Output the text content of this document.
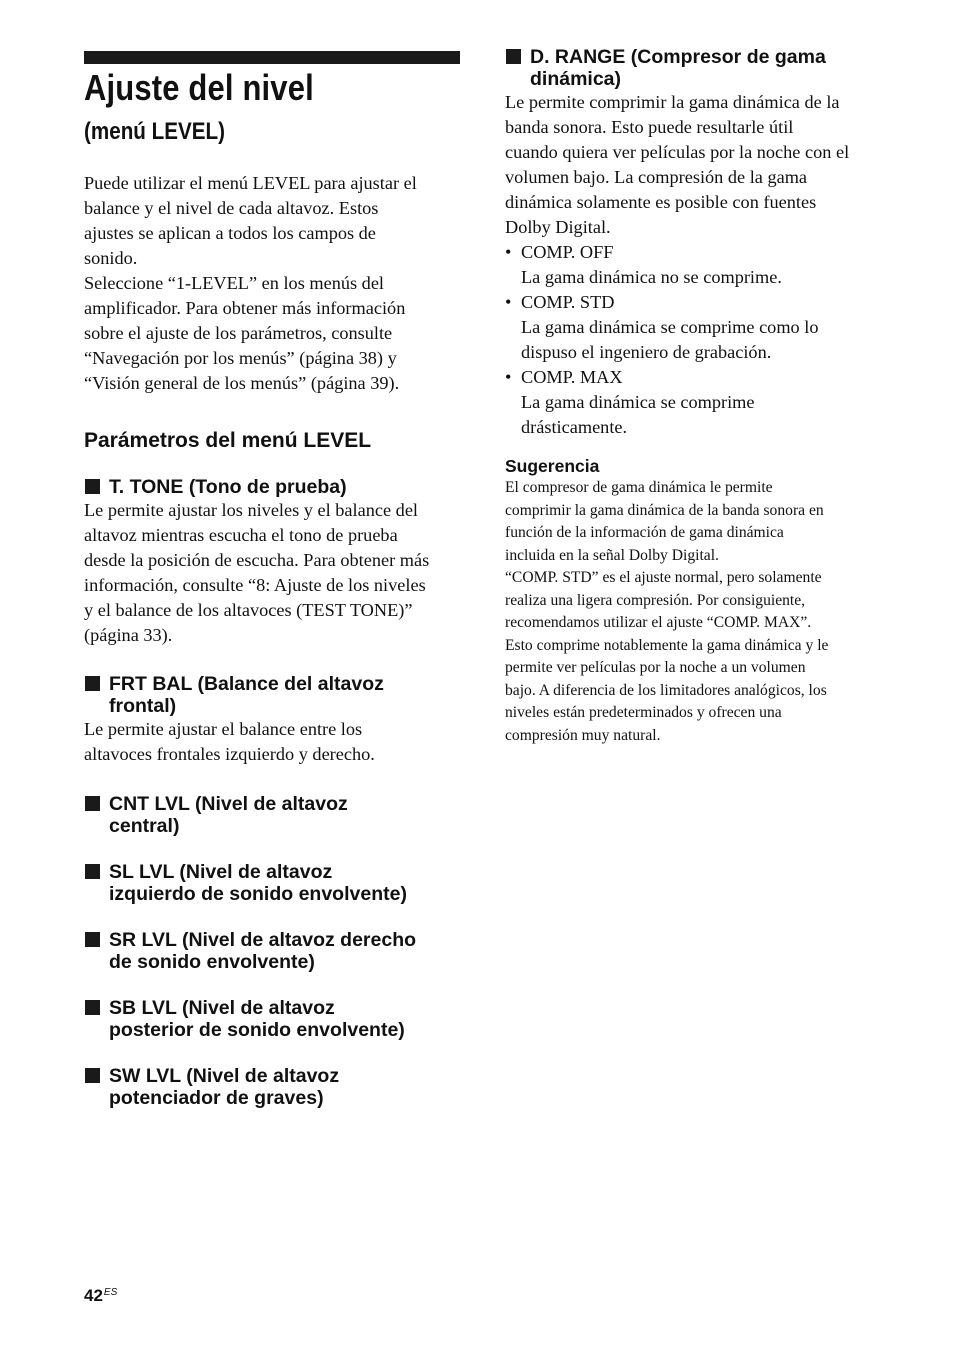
Ajuste del nivel
(menú LEVEL)

Puede utilizar el menú LEVEL para ajustar el

balance y el nivel de cada altavoz. Estos

ajustes se aplican a todos los campos de

sonido.

Seleccione “1-LEVEL” en los menús del

amplificador. Para obtener más información

sobre el ajuste de los parámetros, consulte

“Navegación por los menús” (página 38) y

“Visión general de los menús” (página 39).

Parámetros del menú LEVEL
T. TONE (Tono de prueba)

Le permite ajustar los niveles y el balance del

altavoz mientras escucha el tono de prueba

desde la posición de escucha. Para obtener más

información, consulte “8: Ajuste de los niveles

y el balance de los altavoces (TEST TONE)”

(página 33).

FRT BAL (Balance del altavoz
frontal)

Le permite ajustar el balance entre los

altavoces frontales izquierdo y derecho.

CNT LVL (Nivel de altavoz
central)
SL LVL (Nivel de altavoz
izquierdo de sonido envolvente)
SR LVL (Nivel de altavoz derecho
de sonido envolvente)
SB LVL (Nivel de altavoz
posterior de sonido envolvente)
SW LVL (Nivel de altavoz
potenciador de graves)
D. RANGE (Compresor de gama
dinámica)

Le permite comprimir la gama dinámica de la

banda sonora. Esto puede resultarle útil

cuando quiera ver películas por la noche con el

volumen bajo. La compresión de la gama

dinámica solamente es posible con fuentes

Dolby Digital.

• COMP. OFF

La gama dinámica no se comprime.

• COMP. STD

La gama dinámica se comprime como lo

dispuso el ingeniero de grabación.

• COMP. MAX

La gama dinámica se comprime

drásticamente.

Sugerencia

El compresor de gama dinámica le permite

comprimir la gama dinámica de la banda sonora en

función de la información de gama dinámica

incluida en la señal Dolby Digital.

“COMP. STD” es el ajuste normal, pero solamente

realiza una ligera compresión. Por consiguiente,

recomendamos utilizar el ajuste “COMP. MAX”.

Esto comprime notablemente la gama dinámica y le

permite ver películas por la noche a un volumen

bajo. A diferencia de los limitadores analógicos, los

niveles están predeterminados y ofrecen una

compresión muy natural.

$42^{ES}$
